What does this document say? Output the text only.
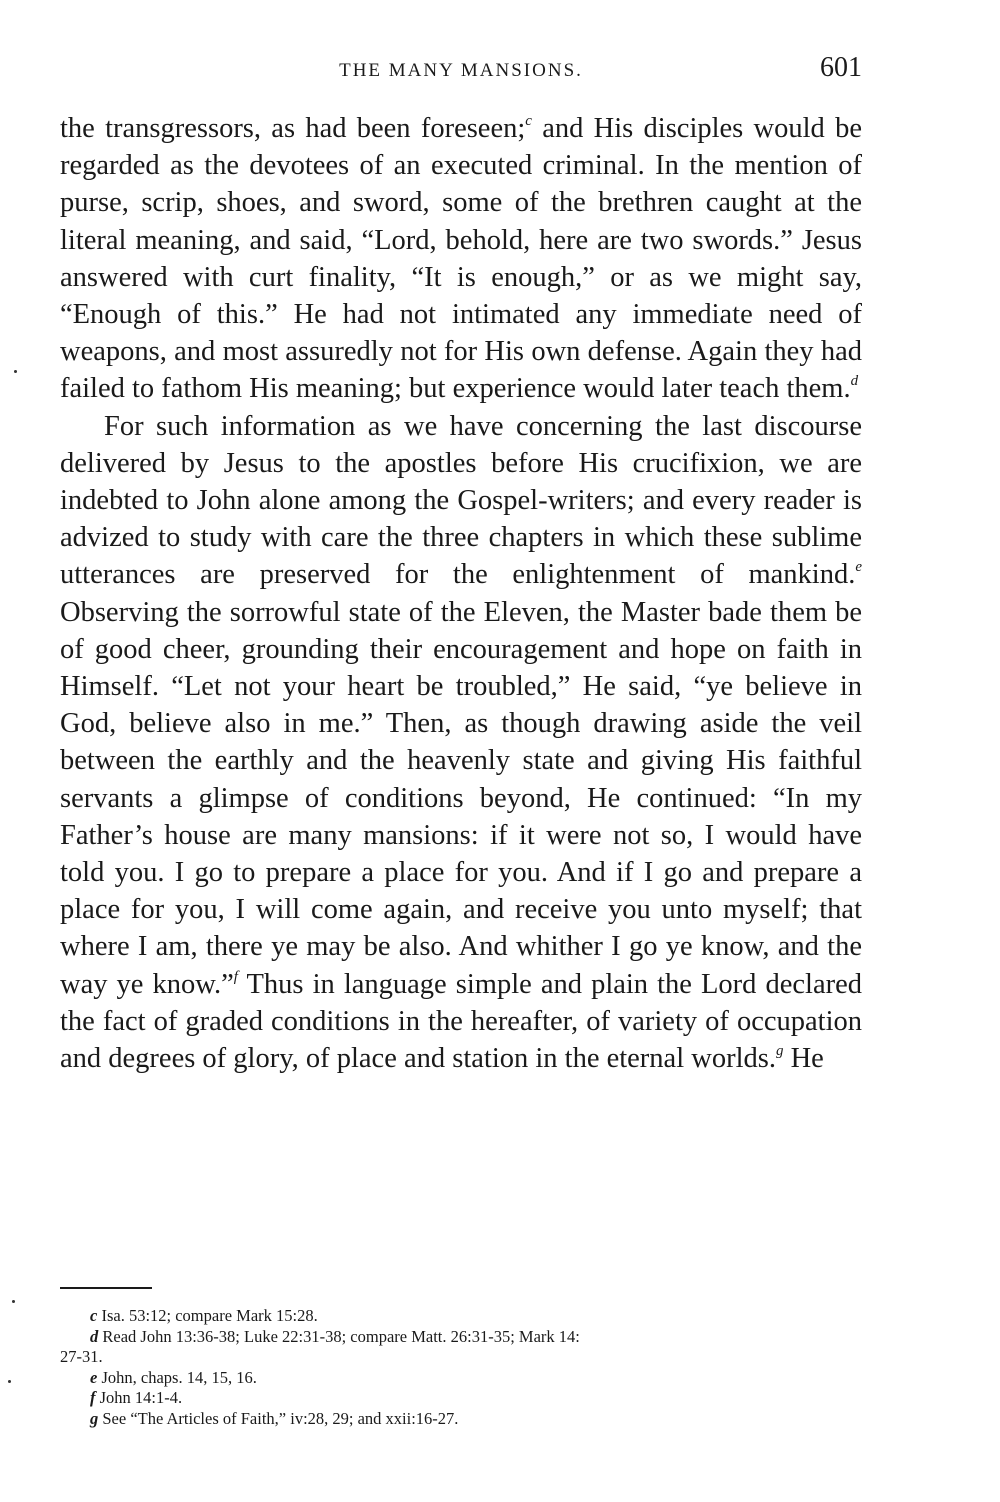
THE MANY MANSIONS.	601

the transgressors, as had been foreseen;$^c$ and His disciples would be regarded as the devotees of an executed criminal. In the mention of purse, scrip, shoes, and sword, some of the brethren caught at the literal meaning, and said, “Lord, behold, here are two swords.” Jesus answered with curt finality, “It is enough,” or as we might say, “Enough of this.” He had not intimated any immediate need of weapons, and most assuredly not for His own defense. Again they had failed to fathom His meaning; but experience would later teach them.$^d$

For such information as we have concerning the last discourse delivered by Jesus to the apostles before His crucifixion, we are indebted to John alone among the Gospel-writers; and every reader is advized to study with care the three chapters in which these sublime utterances are preserved for the enlightenment of mankind.$^e$ Observing the sorrowful state of the Eleven, the Master bade them be of good cheer, grounding their encouragement and hope on faith in Himself. “Let not your heart be troubled,” He said, “ye believe in God, believe also in me.” Then, as though drawing aside the veil between the earthly and the heavenly state and giving His faithful servants a glimpse of conditions beyond, He continued: “In my Father’s house are many mansions: if it were not so, I would have told you. I go to prepare a place for you. And if I go and prepare a place for you, I will come again, and receive you unto myself; that where I am, there ye may be also. And whither I go ye know, and the way ye know.”$^f$ Thus in language simple and plain the Lord declared the fact of graded conditions in the hereafter, of variety of occupation and degrees of glory, of place and station in the eternal worlds.$^g$ He

c Isa. 53:12; compare Mark 15:28.

d Read John 13:36-38; Luke 22:31-38; compare Matt. 26:31-35; Mark 14:

27-31.

e John, chaps. 14, 15, 16.

f John 14:1-4.

g See “The Articles of Faith,” iv:28, 29; and xxii:16-27.
